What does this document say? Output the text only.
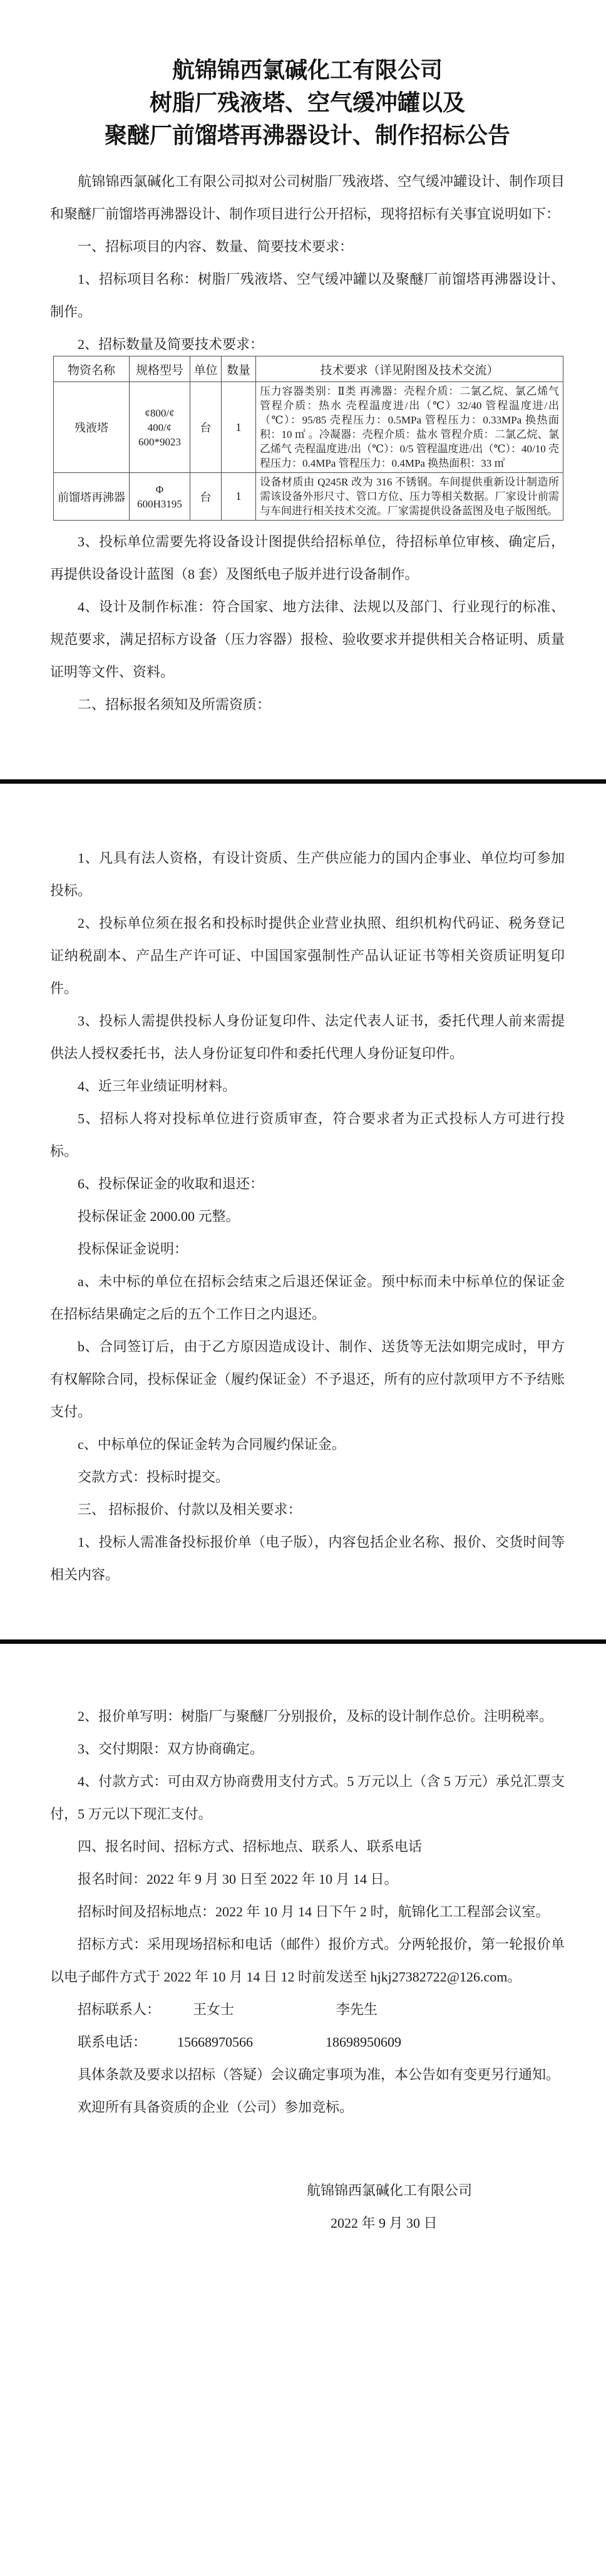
航锦锦西氯碱化工有限公司
树脂厂残液塔、空气缓冲罐以及
聚醚厂前馏塔再沸器设计、制作招标公告

航锦锦西氯碱化工有限公司拟对公司树脂厂残液塔、空气缓冲罐设计、制作项目和聚醚厂前馏塔再沸器设计、制作项目进行公开招标，现将招标有关事宜说明如下：

一、招标项目的内容、数量、简要技术要求：

1、招标项目名称：树脂厂残液塔、空气缓冲罐以及聚醚厂前馏塔再沸器设计、制作。

2、招标数量及简要技术要求：

物资名称	规格型号	单位	数量	技术要求（详见附图及技术交流）
残液塔	¢800/¢
400/¢
600*9023	台	1	压力容器类别：Ⅱ类 再沸器：壳程介质：二氯乙烷、氯乙烯气 管程介质：热水 壳程温度进/出（℃）32/40 管程温度进/出（℃）：95/85 壳程压力：0.5MPa 管程压力：0.33MPa 换热面积：10 ㎡ 。冷凝器：壳程介质：盐水 管程介质：二氯乙烷、氯乙烯气 壳程温度进/出（℃）：0/5 管程温度进/出（℃）：40/10 壳程压力：0.4MPa 管程压力：0.4MPa 换热面积：33 ㎡
前馏塔再沸器	Φ
600H3195	台	1	设备材质由 Q245R 改为 316 不锈钢。车间提供重新设计制造所需该设备外形尺寸、管口方位、压力等相关数据。厂家设计前需与车间进行相关技术交流。厂家需提供设备蓝图及电子版图纸。

3、投标单位需要先将设备设计图提供给招标单位，待招标单位审核、确定后，再提供设备设计蓝图（8 套）及图纸电子版并进行设备制作。

4、设计及制作标准：符合国家、地方法律、法规以及部门、行业现行的标准、规范要求，满足招标方设备（压力容器）报检、验收要求并提供相关合格证明、质量证明等文件、资料。

二、招标报名须知及所需资质：

1、凡具有法人资格，有设计资质、生产供应能力的国内企事业、单位均可参加投标。

2、投标单位须在报名和投标时提供企业营业执照、组织机构代码证、税务登记证纳税副本、产品生产许可证、中国国家强制性产品认证证书等相关资质证明复印件。

3、投标人需提供投标人身份证复印件、法定代表人证书，委托代理人前来需提供法人授权委托书，法人身份证复印件和委托代理人身份证复印件。

4、近三年业绩证明材料。

5、招标人将对投标单位进行资质审查，符合要求者为正式投标人方可进行投标。

6、投标保证金的收取和退还：

投标保证金 2000.00 元整。

投标保证金说明：

a、未中标的单位在招标会结束之后退还保证金。预中标而未中标单位的保证金在招标结果确定之后的五个工作日之内退还。

b、合同签订后，由于乙方原因造成设计、制作、送货等无法如期完成时，甲方有权解除合同，投标保证金（履约保证金）不予退还，所有的应付款项甲方不予结账支付。

c、中标单位的保证金转为合同履约保证金。

交款方式：投标时提交。

三、 招标报价、付款以及相关要求：

1、投标人需准备投标报价单（电子版），内容包括企业名称、报价、交货时间等相关内容。

2、报价单写明：树脂厂与聚醚厂分别报价，及标的设计制作总价。注明税率。

3、交付期限：双方协商确定。

4、付款方式：可由双方协商费用支付方式。5 万元以上（含 5 万元）承兑汇票支付，5 万元以下现汇支付。

四、报名时间、招标方式、招标地点、联系人、联系电话

报名时间：2022 年 9 月 30 日至 2022 年 10 月 14 日。

招标时间及招标地点：2022 年 10 月 14 日下午 2 时，航锦化工工程部会议室。

招标方式：采用现场招标和电话（邮件）报价方式。分两轮报价，第一轮报价单以电子邮件方式于 2022 年 10 月 14 日 12 时前发送至 hjkj27382722@126.com。

招标联系人： 王女士	李先生

联系电话： 15668970566	18698950609

具体条款及要求以招标（答疑）会议确定事项为准，本公告如有变更另行通知。

欢迎所有具备资质的企业（公司）参加竞标。

航锦锦西氯碱化工有限公司

2022 年 9 月 30 日
